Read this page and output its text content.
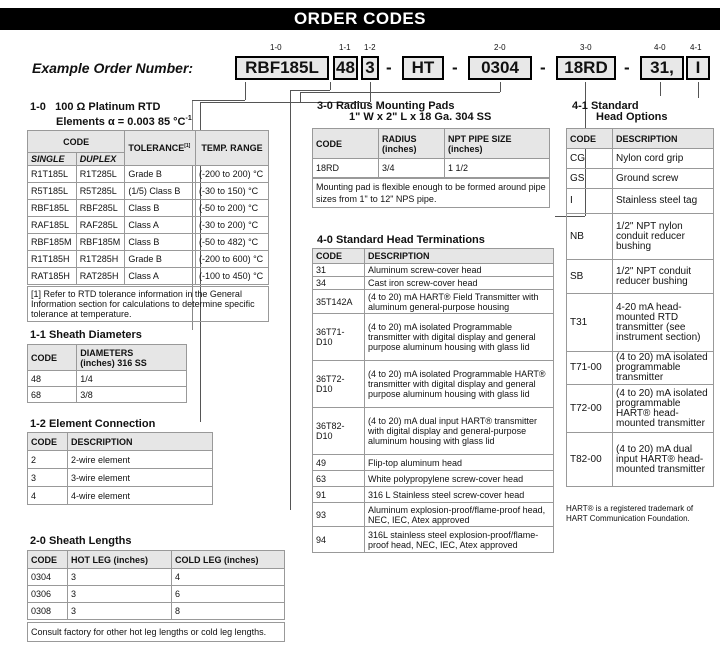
ORDER CODES
Example Order Number:
1-0	1-1 1-2	2-0	3-0	4-0	4-1
RBF185L	48 3 -	HT	-	0304	-	18RD -	31,	I
1-0 100 Ω Platinum RTD
Elements α = 0.003 85 $^\circ C^{-1}$
CODE		TOLERANCE[1]	TEMP. RANGE
SINGLE	DUPLEX		
R1T185L	R1T285L	Grade B	(-200 to 200) °C
R5T185L	R5T285L	(1/5) Class B	(-30 to 150) °C
RBF185L	RBF285L	Class B	(-50 to 200) °C
RAF185L	RAF285L	Class A	(-30 to 200) °C
RBF185M	RBF185M	Class B	(-50 to 482) °C
R1T185H	R1T285H	Grade B	(-200 to 600) °C
RAT185H	RAT285H	Class A	(-100 to 450) °C
[1] Refer to RTD tolerance information in the General Information section for calculations to determine specific tolerance at temperature.
1-1 Sheath Diameters
CODE	DIAMETERS
(inches) 316 SS
48	1/4
68	3/8
1-2 Element Connection
CODE	DESCRIPTION
2	2-wire element
3	3-wire element
4	4-wire element
2-0 Sheath Lengths
CODE	HOT LEG (inches)	COLD LEG (inches)
0304	3	4
0306	3	6
0308	3	8
Consult factory for other hot leg lengths or cold leg lengths.
3-0 Radius Mounting Pads
1" W x 2" L x 18 Ga. 304 SS
CODE	RADIUS (inches)	NPT PIPE SIZE (inches)
18RD	3/4	1 1/2
Mounting pad is flexible enough to be formed around pipe sizes from 1" to 12" NPS pipe.
4-0 Standard Head Terminations
CODE	DESCRIPTION
31	Aluminum screw-cover head
34	Cast iron screw-cover head
35T142A	(4 to 20) mA HART® Field Transmitter with aluminum general-purpose housing
36T71-D10	(4 to 20) mA isolated Programmable transmitter with digital display and general purpose aluminum housing with glass lid
36T72-D10	(4 to 20) mA isolated Programmable HART® transmitter with digital display and general purpose aluminum housing with glass lid
36T82-D10	(4 to 20) mA dual input HART® transmitter with digital display and general-purpose aluminum housing with glass lid
49	Flip-top aluminum head
63	White polypropylene screw-cover head
91	316 L Stainless steel screw-cover head
93	Aluminum explosion-proof/flame-proof head, NEC, IEC, Atex approved
94	316L stainless steel explosion-proof/flame-proof head, NEC, IEC, Atex approved
4-1 Standard
Head Options
CODE	DESCRIPTION
CG	Nylon cord grip
GS	Ground screw
I	Stainless steel tag
NB	1/2" NPT nylon conduit reducer bushing
SB	1/2" NPT conduit reducer bushing
T31	4-20 mA head-mounted RTD transmitter (see instrument section)
T71-00	(4 to 20) mA isolated programmable transmitter
T72-00	(4 to 20) mA isolated programmable HART® head-mounted transmitter
T82-00	(4 to 20) mA dual input HART® head-mounted transmitter
HART® is a registered trademark of HART Communication Foundation.
